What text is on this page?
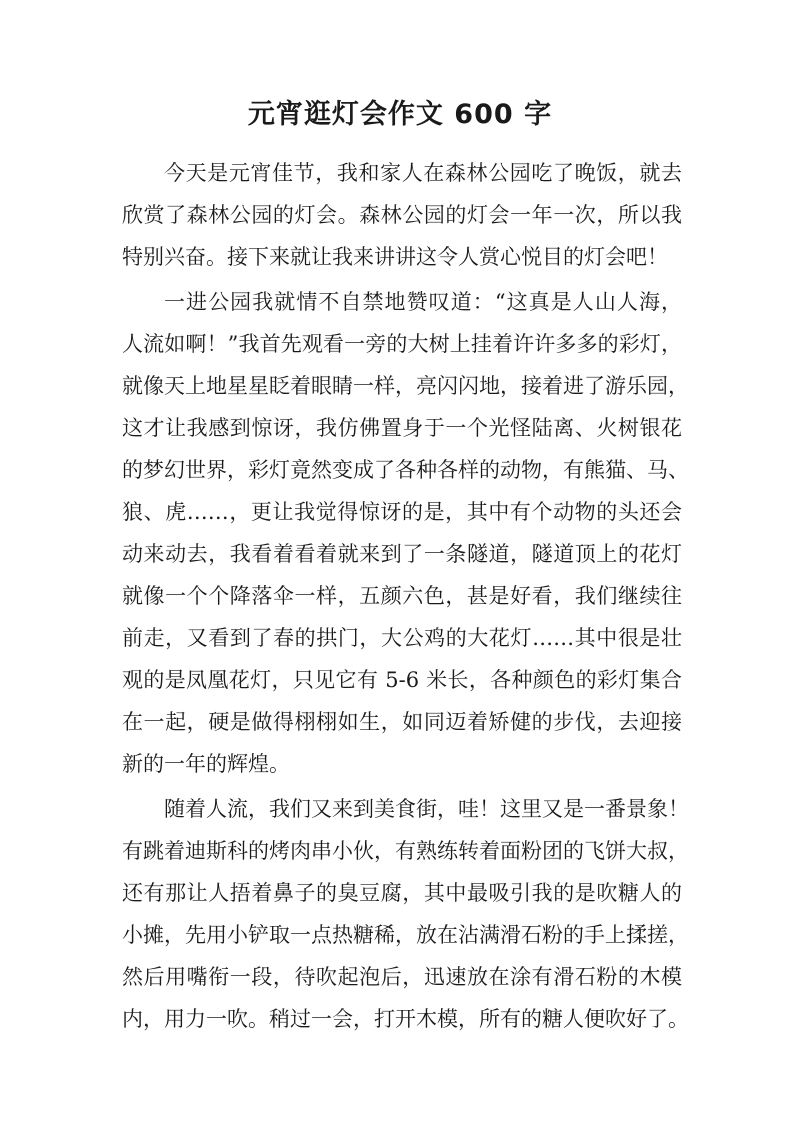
元宵逛灯会作文 600 字
今天是元宵佳节，我和家人在森林公园吃了晚饭，就去
欣赏了森林公园的灯会。森林公园的灯会一年一次，所以我
特别兴奋。接下来就让我来讲讲这令人赏心悦目的灯会吧！
一进公园我就情不自禁地赞叹道：“这真是人山人海，
人流如啊！”我首先观看一旁的大树上挂着许许多多的彩灯，
就像天上地星星眨着眼睛一样，亮闪闪地，接着进了游乐园，
这才让我感到惊讶，我仿佛置身于一个光怪陆离、火树银花
的梦幻世界，彩灯竟然变成了各种各样的动物，有熊猫、马、
狼、虎……，更让我觉得惊讶的是，其中有个动物的头还会
动来动去，我看着看着就来到了一条隧道，隧道顶上的花灯
就像一个个降落伞一样，五颜六色，甚是好看，我们继续往
前走，又看到了春的拱门，大公鸡的大花灯……其中很是壮
观的是凤凰花灯，只见它有 5-6 米长，各种颜色的彩灯集合
在一起，硬是做得栩栩如生，如同迈着矫健的步伐，去迎接
新的一年的辉煌。
随着人流，我们又来到美食街，哇！这里又是一番景象！
有跳着迪斯科的烤肉串小伙，有熟练转着面粉团的飞饼大叔，
还有那让人捂着鼻子的臭豆腐，其中最吸引我的是吹糖人的
小摊，先用小铲取一点热糖稀，放在沾满滑石粉的手上揉搓，
然后用嘴衔一段，待吹起泡后，迅速放在涂有滑石粉的木模
内，用力一吹。稍过一会，打开木模，所有的糖人便吹好了。
